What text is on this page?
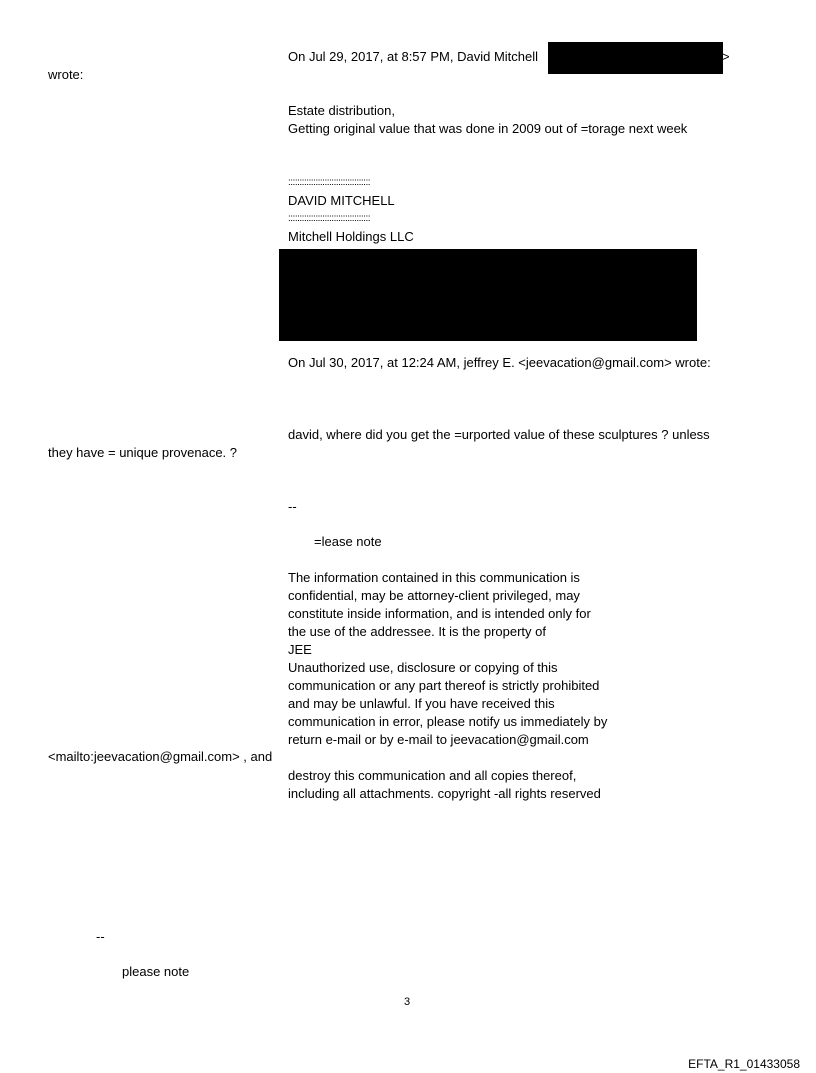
On Jul 29, 2017, at 8:57 PM, David Mitchell	>
wrote:
Estate distribution,
Getting original value that was done in 2009 out of =torage next week
::::::::::::::::::::::::::::::::::::
DAVID MITCHELL
::::::::::::::::::::::::::::::::::::
Mitchell Holdings LLC
On Jul 30, 2017, at 12:24 AM, jeffrey E. <jeevacation@gmail.com> wrote:
david, where did you get the =urported value of these sculptures ? unless
they have = unique provenace. ?
--
=lease note
The information contained in this communication is
confidential, may be attorney-client privileged, may
constitute inside information, and is intended only for
the use of the addressee. It is the property of
JEE
Unauthorized use, disclosure or copying of this
communication or any part thereof is strictly prohibited
and may be unlawful. If you have received this
communication in error, please notify us immediately by
return e-mail or by e-mail to jeevacation@gmail.com
<mailto:jeevacation@gmail.com> , and
destroy this communication and all copies thereof,
including all attachments. copyright -all rights reserved
--
please note
3
EFTA_R1_01433058
